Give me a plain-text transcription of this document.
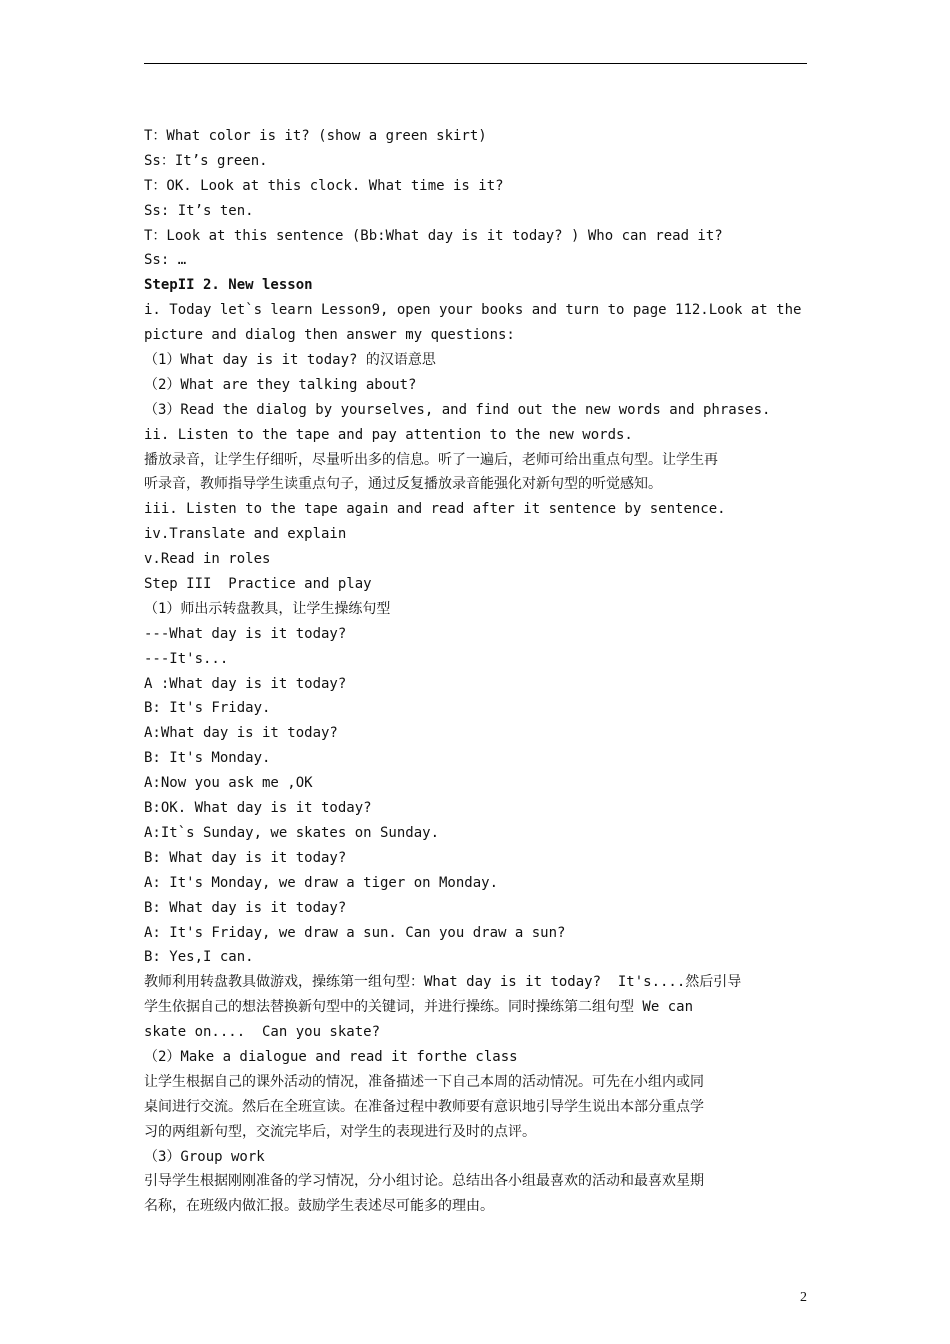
T：What color is it? (show a green skirt)
Ss：It’s green.
T：OK. Look at this clock. What time is it?
Ss: It’s ten.
T：Look at this sentence (Bb:What day is it today? ) Who can read it?
Ss: …
StepII 2. New lesson
i. Today let`s learn Lesson9, open your books and turn to page 112.Look at the
picture and dialog then answer my questions:
（1）What day is it today? 的汉语意思
（2）What are they talking about?
（3）Read the dialog by yourselves, and find out the new words and phrases.
ii. Listen to the tape and pay attention to the new words.
播放录音，让学生仔细听，尽量听出多的信息。听了一遍后，老师可给出重点句型。让学生再
听录音，教师指导学生读重点句子，通过反复播放录音能强化对新句型的听觉感知。
iii. Listen to the tape again and read after it sentence by sentence.
iv.Translate and explain
v.Read in roles
Step III  Practice and play
（1）师出示转盘教具，让学生操练句型
---What day is it today?
---It's...
A :What day is it today?
B: It's Friday.
A:What day is it today?
B: It's Monday.
A:Now you ask me ,OK
B:OK. What day is it today?
A:It`s Sunday, we skates on Sunday.
B: What day is it today?
A: It's Monday, we draw a tiger on Monday.
B: What day is it today?
A: It's Friday, we draw a sun. Can you draw a sun?
B: Yes,I can.
教师利用转盘教具做游戏，操练第一组句型：What day is it today?  It's....然后引导
学生依据自己的想法替换新句型中的关键词，并进行操练。同时操练第二组句型 We can
skate on....  Can you skate?
（2）Make a dialogue and read it forthe class
让学生根据自己的课外活动的情况，准备描述一下自己本周的活动情况。可先在小组内或同
桌间进行交流。然后在全班宣读。在准备过程中教师要有意识地引导学生说出本部分重点学
习的两组新句型，交流完毕后，对学生的表现进行及时的点评。
（3）Group work
引导学生根据刚刚准备的学习情况，分小组讨论。总结出各小组最喜欢的活动和最喜欢星期
名称，在班级内做汇报。鼓励学生表述尽可能多的理由。
2
